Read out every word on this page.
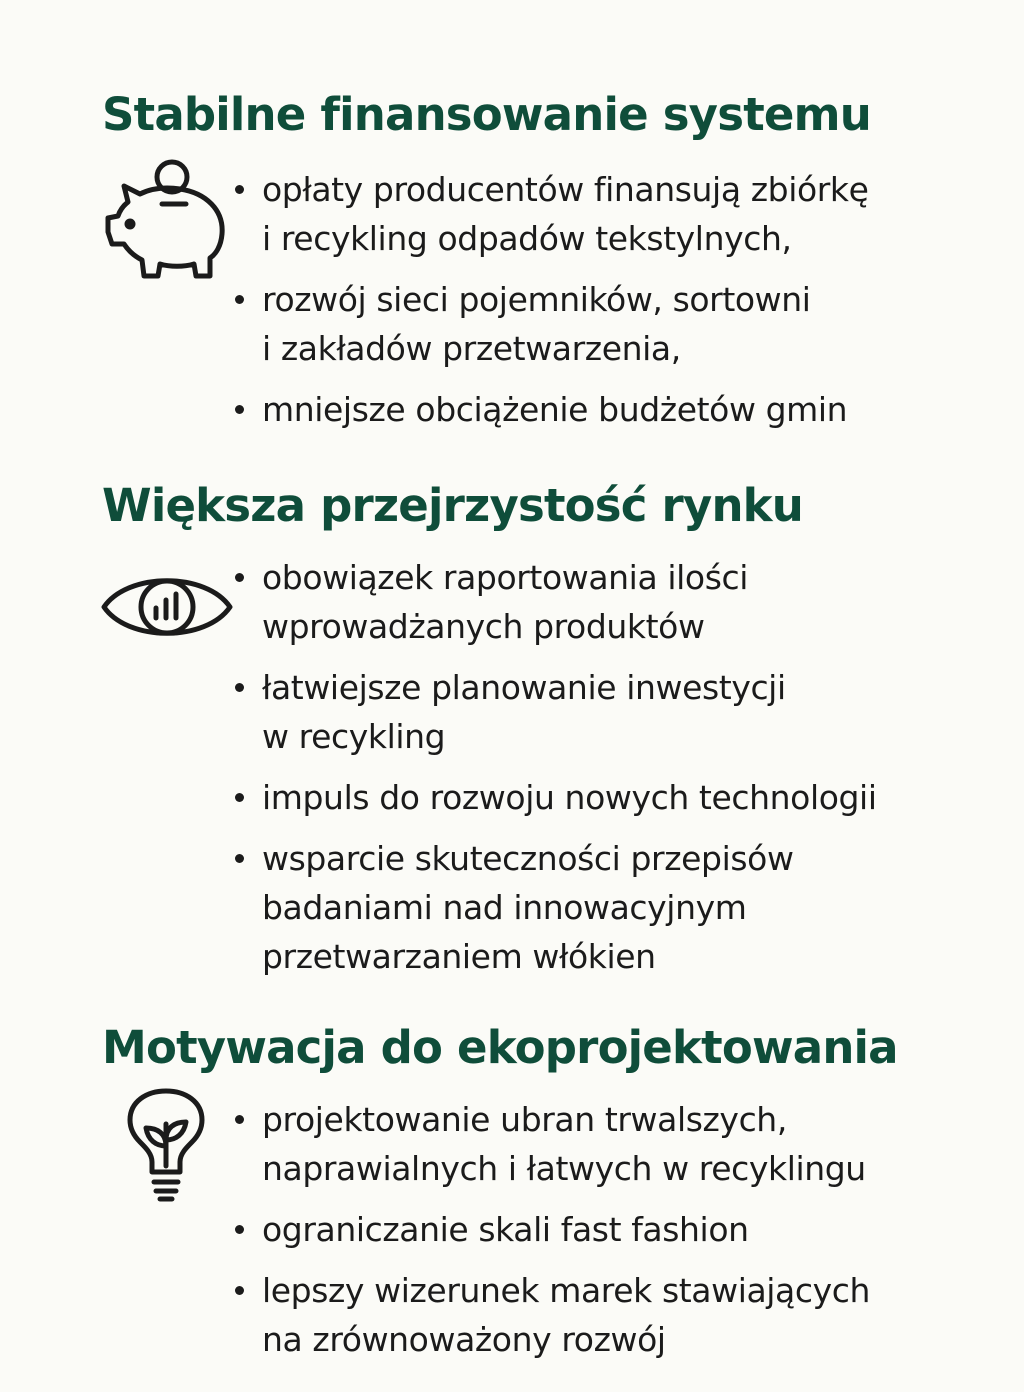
Stabilne finansowanie systemu
opłaty producentów finansują zbiórkę
i recykling odpadów tekstylnych,
rozwój sieci pojemników, sortowni
i zakładów przetwarzenia,
mniejsze obciążenie budżetów gmin
Większa przejrzystość rynku
obowiązek raportowania ilości
wprowadżanych produktów
łatwiejsze planowanie inwestycji
w recykling
impuls do rozwoju nowych technologii
wsparcie skuteczności przepisów
badaniami nad innowacyjnym
przetwarzaniem włókien
Motywacja do ekoprojektowania
projektowanie ubran trwalszych,
naprawialnych i łatwych w recyklingu
ograniczanie skali fast fashion
lepszy wizerunek marek stawiających
na zrównoważony rozwój
